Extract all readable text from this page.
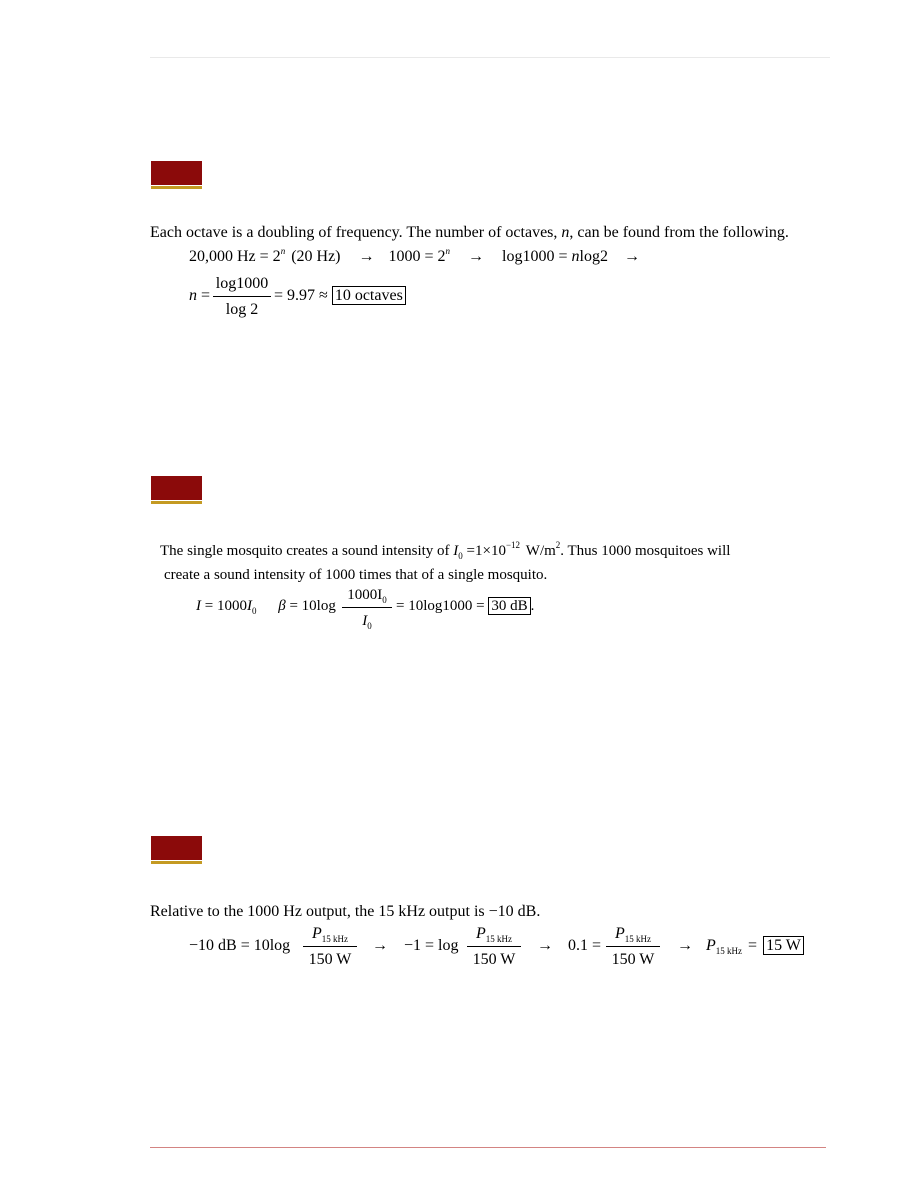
Each octave is a doubling of frequency. The number of octaves, n, can be found from the following.
20,000 $Hz = 2^n$ (20 $Hz) \to 1000 = 2^n \to \log 1000 = nlog2$ →
$n = \frac{\log 1000}{\log 2} = 9.97 \approx 10$ octaves
The single mosquito creates a sound intensity of $I_0 =1\times 10^{-12}$ $W/m^2$. Thus 1000 mosquitoes will
create a sound intensity of 1000 times that of a single mosquito.
$I = 1000I_0$ $\beta = 10\log \frac{1000I_0}{I_0} = 10\log 1000 = 30$ dB .
Relative to the 1000 Hz output, the 15 kHz output is −10 dB.
−10 dB = 10log
$P_{15 kHz}$
150 W
→ −1 = log
$P_{15 kHz}$
150 W
→ 0.1 =
$P_{15 kHz}$
150 W
→ $P_{15 kHz} = 15$ W
